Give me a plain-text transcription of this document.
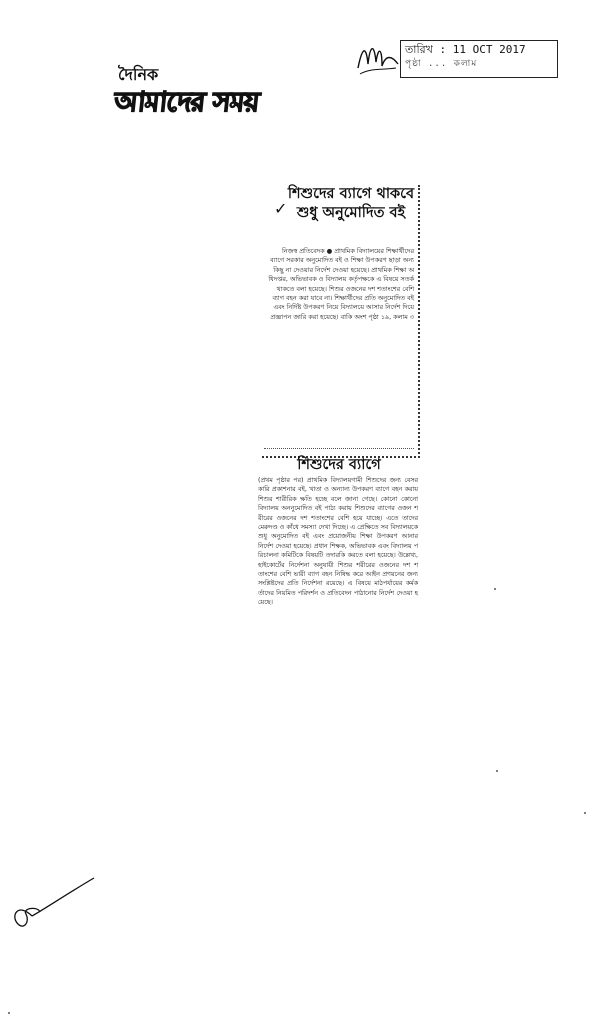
তারিখ : 11 OCT 2017
পৃষ্ঠা ... কলাম
দৈনিক
আমাদের সময়
✓
শিশুদের ব্যাগে থাকবে শুধু অনুমোদিত বই
নিজস্ব প্রতিবেদক ● প্রাথমিক বিদ্যালয়ের শিক্ষার্থীদের ব্যাগে সরকার অনুমোদিত বই ও শিক্ষা উপকরণ ছাড়া অন্য কিছু না দেওয়ার নির্দেশ দেওয়া হয়েছে। প্রাথমিক শিক্ষা অধিদপ্তর, অভিভাবক ও বিদ্যালয় কর্তৃপক্ষকে এ বিষয়ে সতর্ক থাকতে বলা হয়েছে। শিশুর ওজনের দশ শতাংশের বেশি ব্যাগ বহন করা যাবে না। শিক্ষার্থীদের প্রতি অনুমোদিত বই এবং নির্দিষ্ট উপকরণ নিয়ে বিদ্যালয়ে আসার নির্দেশ দিয়ে প্রজ্ঞাপন জারি করা হয়েছে। বাকি অংশ পৃষ্ঠা ১৯, কলাম ৩
শিশুদের ব্যাগে
(প্রথম পৃষ্ঠার পর) প্রাথমিক বিদ্যালয়গামী শিশুদের জন্য বেসরকারি প্রকাশনার বই, খাতা ও অন্যান্য উপকরণ ব্যাগে বহন করায় শিশুর শারীরিক ক্ষতি হচ্ছে বলে জানা গেছে। কোনো কোনো বিদ্যালয় অননুমোদিত বই পাঠ্য করায় শিশুদের ব্যাগের ওজন শরীরের ওজনের দশ শতাংশের বেশি হয়ে যাচ্ছে। এতে তাদের মেরুদণ্ড ও কাঁধে সমস্যা দেখা দিচ্ছে। এ প্রেক্ষিতে সব বিদ্যালয়কে শুধু অনুমোদিত বই এবং প্রয়োজনীয় শিক্ষা উপকরণ আনার নির্দেশ দেওয়া হয়েছে। প্রধান শিক্ষক, অভিভাবক এবং বিদ্যালয় পরিচালনা কমিটিকে বিষয়টি তদারকি করতে বলা হয়েছে। উল্লেখ্য, হাইকোর্টের নির্দেশনা অনুযায়ী শিশুর শরীরের ওজনের দশ শতাংশের বেশি ভারী ব্যাগ বহন নিষিদ্ধ করে আইন প্রণয়নের জন্য সংশ্লিষ্টদের প্রতি নির্দেশনা রয়েছে। এ বিষয়ে মাঠপর্যায়ের কর্মকর্তাদের নিয়মিত পরিদর্শন ও প্রতিবেদন পাঠানোর নির্দেশ দেওয়া হয়েছে।
